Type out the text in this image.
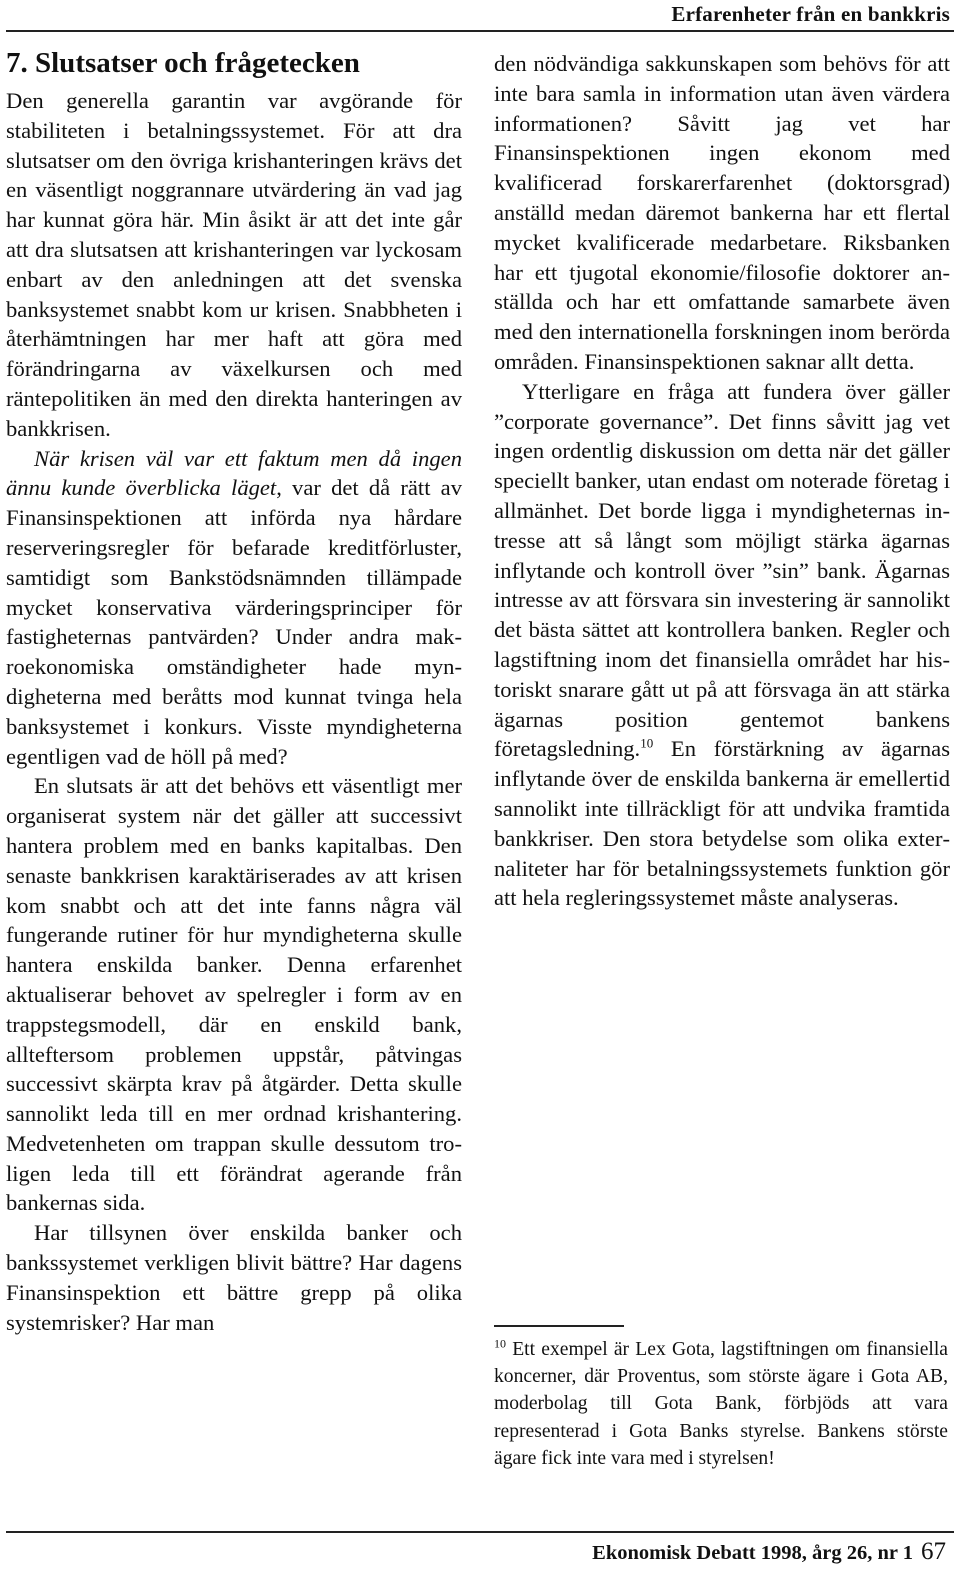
Erfarenheter från en bankkris
7. Slutsatser och frågetecken

Den generella garantin var avgörande för stabiliteten i betalningssystemet. För att dra slutsatser om den övriga krishanteringen krävs det en väsentligt noggrannare utvärdering än vad jag har kunnat göra här. Min åsikt är att det inte går att dra slutsatsen att krishanteringen var lyckosam enbart av den anledningen att det svenska banksystemet snabbt kom ur krisen. Snabbheten i återhämtningen har mer haft att göra med förändringarna av växelkursen och med räntepolitiken än med den direkta hanteringen av bankkrisen.

När krisen väl var ett faktum men då ingen ännu kunde överblicka läget, var det då rätt av Finansinspektionen att införda nya hårdare reserveringsregler för befarade kreditförluster, samtidigt som Bankstödsnämnden tillämpade mycket konservativa värderingsprinciper för fastigheternas pantvärden? Under andra makroekonomiska omständigheter hade myndigheterna med beråtts mod kunnat tvinga hela banksystemet i konkurs. Visste myndigheterna egentligen vad de höll på med?

En slutsats är att det behövs ett väsentligt mer organiserat system när det gäller att successivt hantera problem med en banks kapitalbas. Den senaste bankkrisen karaktäriserades av att krisen kom snabbt och att det inte fanns några väl fungerande rutiner för hur myndigheterna skulle hantera enskilda banker. Denna erfarenhet aktualiserar behovet av spelregler i form av en trappstegsmodell, där en enskild bank, allteftersom problemen uppstår, påtvingas successivt skärpta krav på åtgärder. Detta skulle sannolikt leda till en mer ordnad krishantering. Medvetenheten om trappan skulle dessutom troligen leda till ett förändrat agerande från bankernas sida.

Har tillsynen över enskilda banker och bankssystemet verkligen blivit bättre? Har dagens Finansinspektion ett bättre grepp på olika systemrisker? Har man

den nödvändiga sakkunskapen som behövs för att inte bara samla in information utan även värdera informationen? Såvitt jag vet har Finansinspektionen ingen ekonom med kvalificerad forskarerfarenhet (doktorsgrad) anställd medan däremot bankerna har ett flertal mycket kvalificerade medarbetare. Riksbanken har ett tjugotal ekonomie/filosofie doktorer anställda och har ett omfattande samarbete även med den internationella forskningen inom berörda områden. Finansinspektionen saknar allt detta.

Ytterligare en fråga att fundera över gäller ”corporate governance”. Det finns såvitt jag vet ingen ordentlig diskussion om detta när det gäller speciellt banker, utan endast om noterade företag i allmänhet. Det borde ligga i myndigheternas intresse att så långt som möjligt stärka ägarnas inflytande och kontroll över ”sin” bank. Ägarnas intresse av att försvara sin investering är sannolikt det bästa sättet att kontrollera banken. Regler och lagstiftning inom det finansiella området har historiskt snarare gått ut på att försvaga än att stärka ägarnas position gentemot bankens företagsledning.$^{10}$ En förstärkning av ägarnas inflytande över de enskilda bankerna är emellertid sannolikt inte tillräckligt för att undvika framtida bankkriser. Den stora betydelse som olika externaliteter har för betalningssystemets funktion gör att hela regleringssystemet måste analyseras.

$^{10}$ Ett exempel är Lex Gota, lagstiftningen om finansiella koncerner, där Proventus, som störste ägare i Gota AB, moderbolag till Gota Bank, förbjöds att vara representerad i Gota Banks styrelse. Bankens störste ägare fick inte vara med i styrelsen!
Ekonomisk Debatt 1998, årg 26, nr 1 67
